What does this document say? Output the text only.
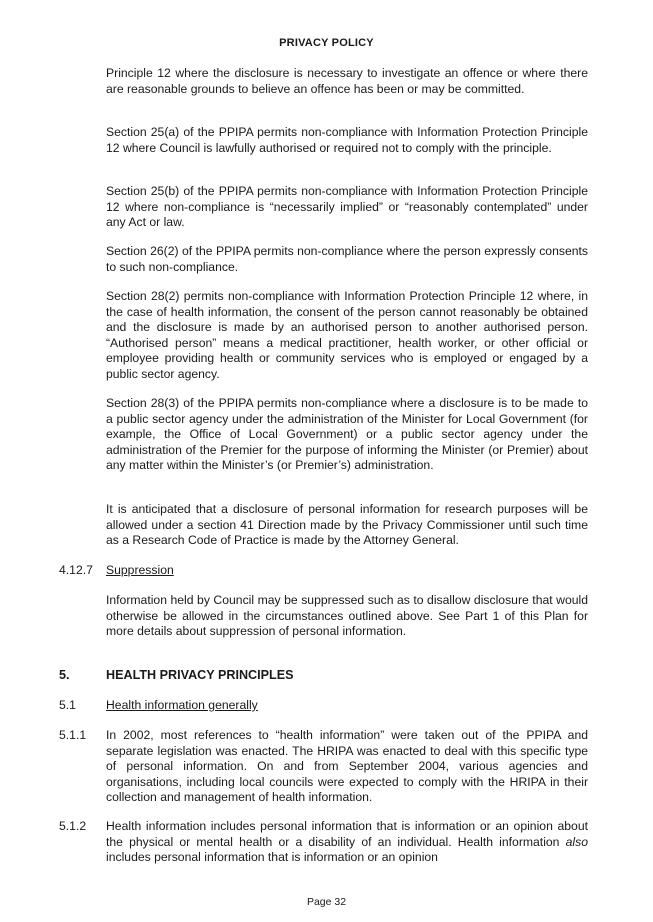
PRIVACY POLICY
Principle 12 where the disclosure is necessary to investigate an offence or where there are reasonable grounds to believe an offence has been or may be committed.
Section 25(a) of the PPIPA permits non-compliance with Information Protection Principle 12 where Council is lawfully authorised or required not to comply with the principle.
Section 25(b) of the PPIPA permits non-compliance with Information Protection Principle 12 where non-compliance is “necessarily implied” or “reasonably contemplated” under any Act or law.
Section 26(2) of the PPIPA permits non-compliance where the person expressly consents to such non-compliance.
Section 28(2) permits non-compliance with Information Protection Principle 12 where, in the case of health information, the consent of the person cannot reasonably be obtained and the disclosure is made by an authorised person to another authorised person. “Authorised person” means a medical practitioner, health worker, or other official or employee providing health or community services who is employed or engaged by a public sector agency.
Section 28(3) of the PPIPA permits non-compliance where a disclosure is to be made to a public sector agency under the administration of the Minister for Local Government (for example, the Office of Local Government) or a public sector agency under the administration of the Premier for the purpose of informing the Minister (or Premier) about any matter within the Minister’s (or Premier’s) administration.
It is anticipated that a disclosure of personal information for research purposes will be allowed under a section 41 Direction made by the Privacy Commissioner until such time as a Research Code of Practice is made by the Attorney General.
4.12.7 Suppression
Information held by Council may be suppressed such as to disallow disclosure that would otherwise be allowed in the circumstances outlined above. See Part 1 of this Plan for more details about suppression of personal information.
5.	HEALTH PRIVACY PRINCIPLES
5.1 Health information generally
5.1.1 In 2002, most references to “health information” were taken out of the PPIPA and separate legislation was enacted. The HRIPA was enacted to deal with this specific type of personal information. On and from September 2004, various agencies and organisations, including local councils were expected to comply with the HRIPA in their collection and management of health information.
5.1.2 Health information includes personal information that is information or an opinion about the physical or mental health or a disability of an individual. Health information also includes personal information that is information or an opinion
Page 32
